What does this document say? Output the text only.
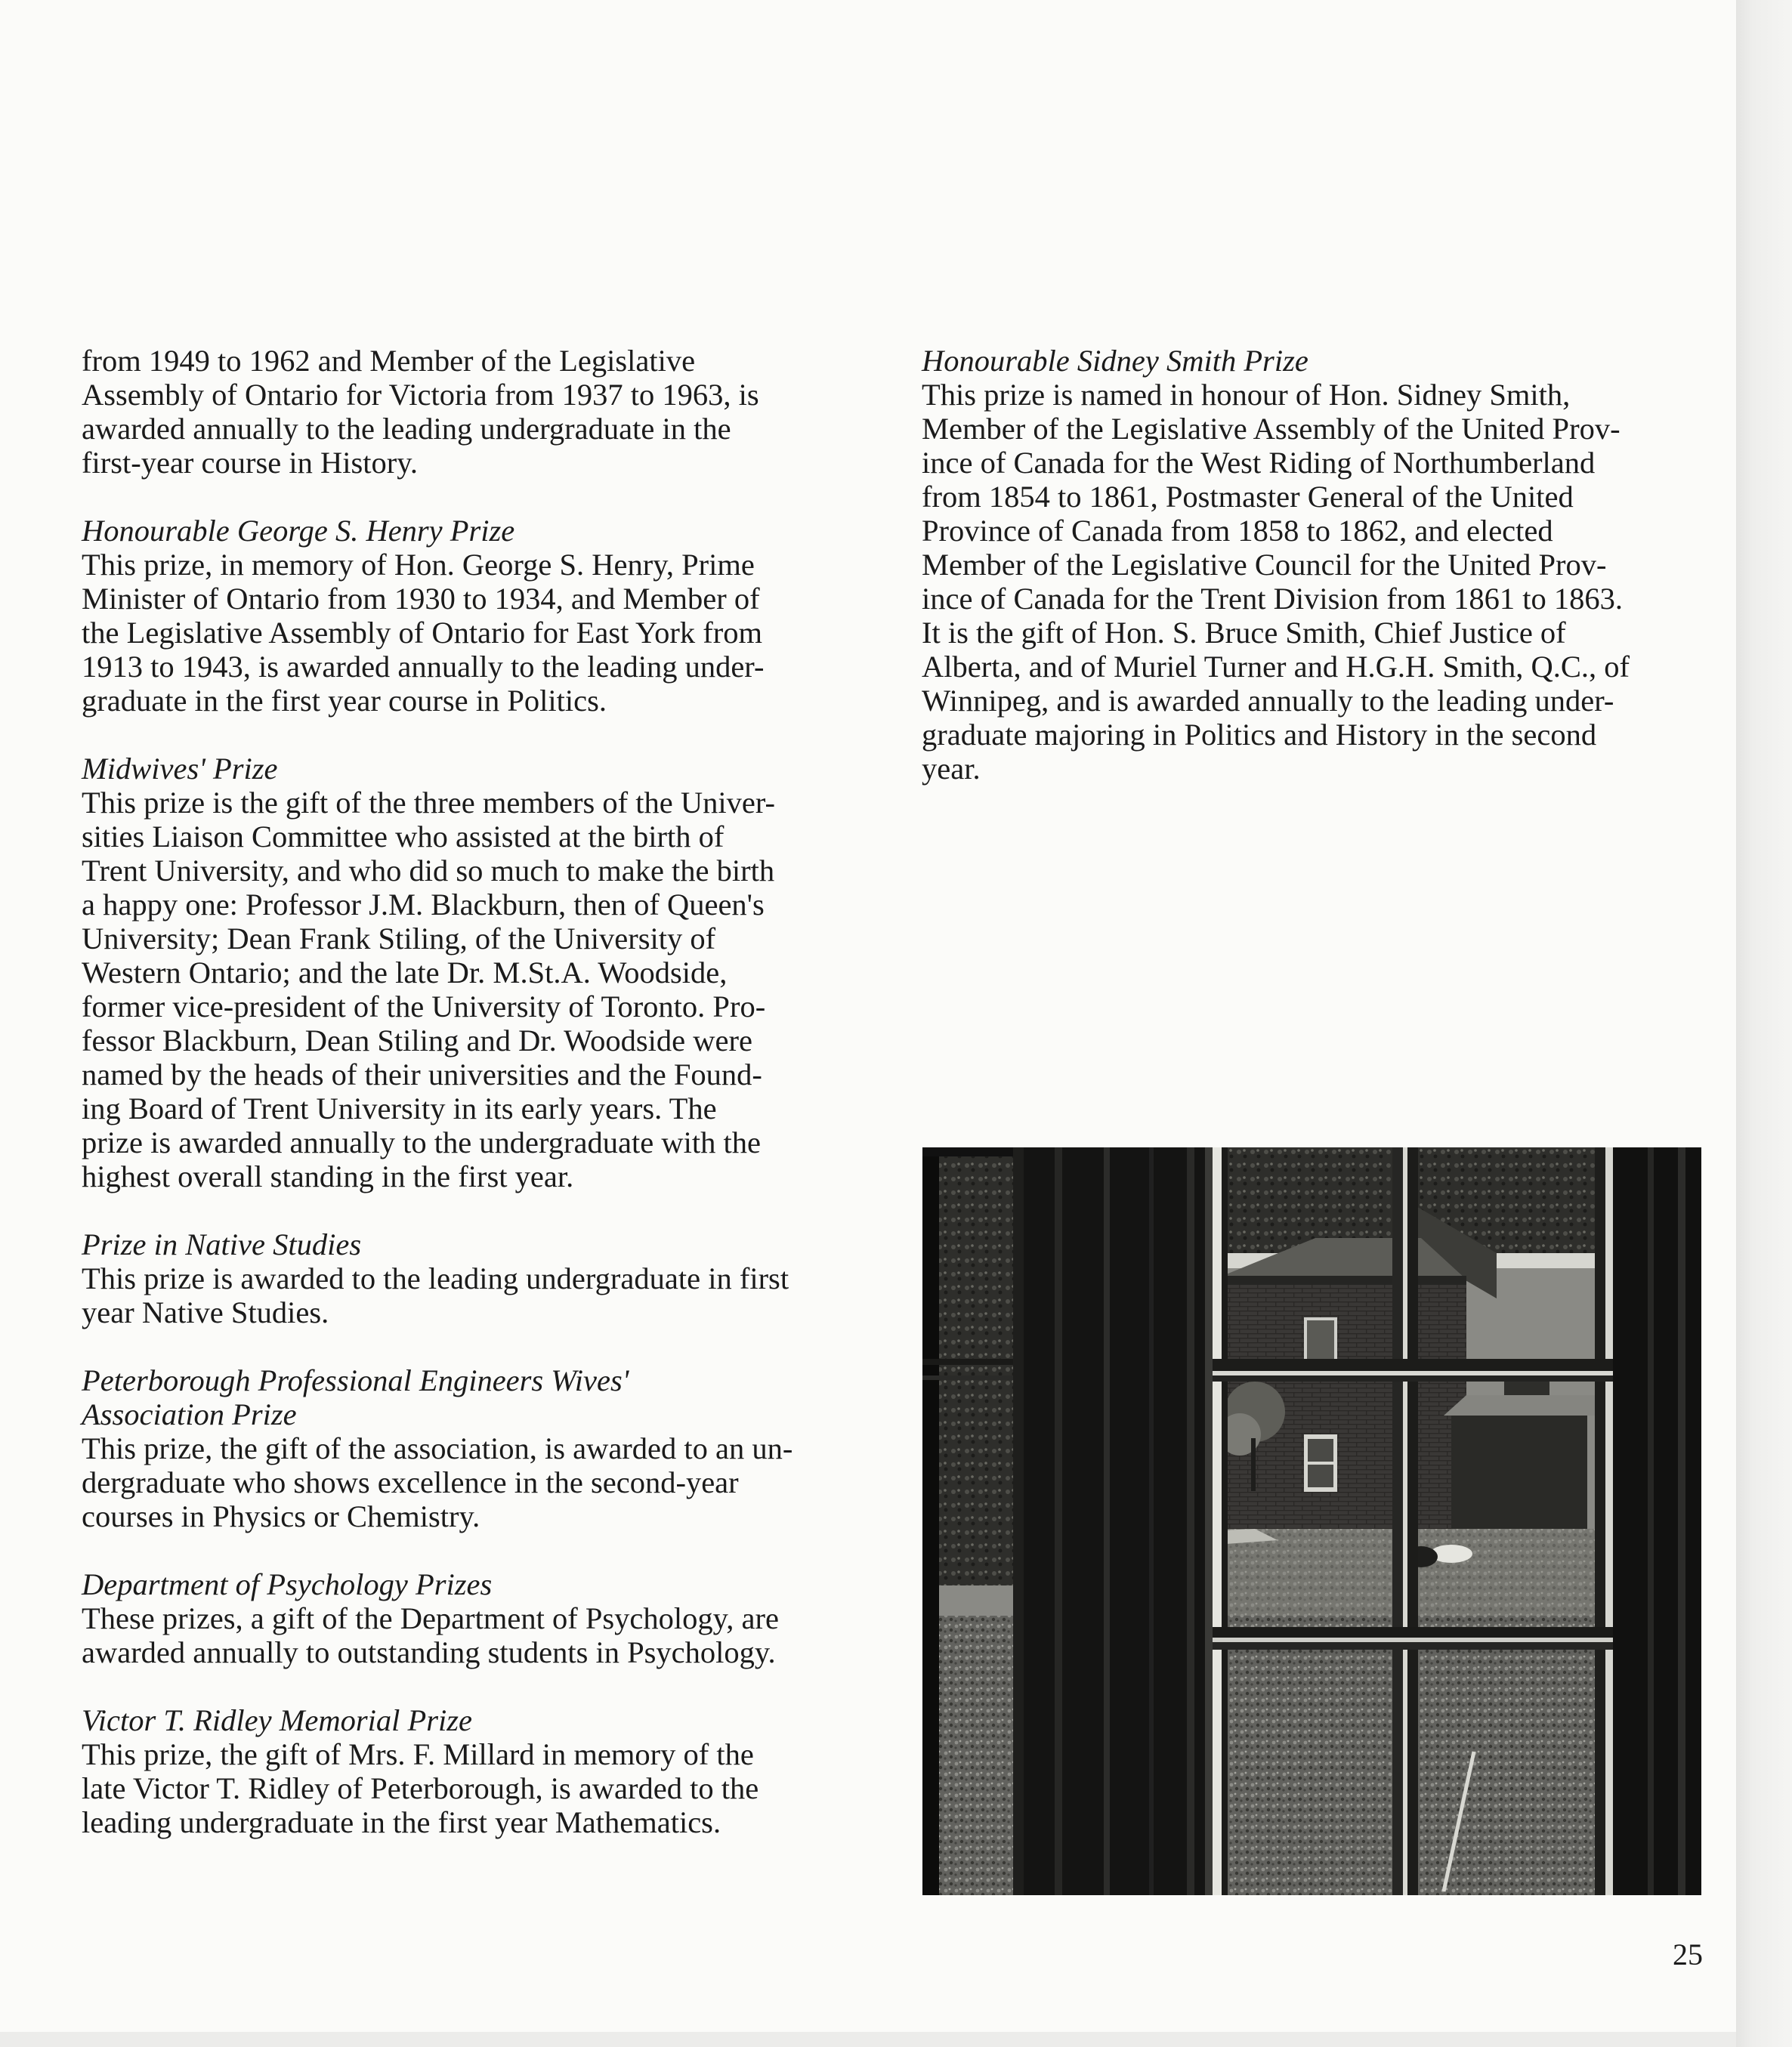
from 1949 to 1962 and Member of the Legislative
Assembly of Ontario for Victoria from 1937 to 1963, is
awarded annually to the leading undergraduate in the
first-year course in History.

Honourable George S. Henry Prize

This prize, in memory of Hon. George S. Henry, Prime
Minister of Ontario from 1930 to 1934, and Member of
the Legislative Assembly of Ontario for East York from
1913 to 1943, is awarded annually to the leading under-
graduate in the first year course in Politics.

Midwives' Prize

This prize is the gift of the three members of the Univer-
sities Liaison Committee who assisted at the birth of
Trent University, and who did so much to make the birth
a happy one: Professor J.M. Blackburn, then of Queen's
University; Dean Frank Stiling, of the University of
Western Ontario; and the late Dr. M.St.A. Woodside,
former vice-president of the University of Toronto. Pro-
fessor Blackburn, Dean Stiling and Dr. Woodside were
named by the heads of their universities and the Found-
ing Board of Trent University in its early years. The
prize is awarded annually to the undergraduate with the
highest overall standing in the first year.

Prize in Native Studies

This prize is awarded to the leading undergraduate in first
year Native Studies.

Peterborough Professional Engineers Wives'
Association Prize

This prize, the gift of the association, is awarded to an un-
dergraduate who shows excellence in the second-year
courses in Physics or Chemistry.

Department of Psychology Prizes

These prizes, a gift of the Department of Psychology, are
awarded annually to outstanding students in Psychology.

Victor T. Ridley Memorial Prize

This prize, the gift of Mrs. F. Millard in memory of the
late Victor T. Ridley of Peterborough, is awarded to the
leading undergraduate in the first year Mathematics.

Honourable Sidney Smith Prize

This prize is named in honour of Hon. Sidney Smith,
Member of the Legislative Assembly of the United Prov-
ince of Canada for the West Riding of Northumberland
from 1854 to 1861, Postmaster General of the United
Province of Canada from 1858 to 1862, and elected
Member of the Legislative Council for the United Prov-
ince of Canada for the Trent Division from 1861 to 1863.
It is the gift of Hon. S. Bruce Smith, Chief Justice of
Alberta, and of Muriel Turner and H.G.H. Smith, Q.C., of
Winnipeg, and is awarded annually to the leading under-
graduate majoring in Politics and History in the second
year.

25
